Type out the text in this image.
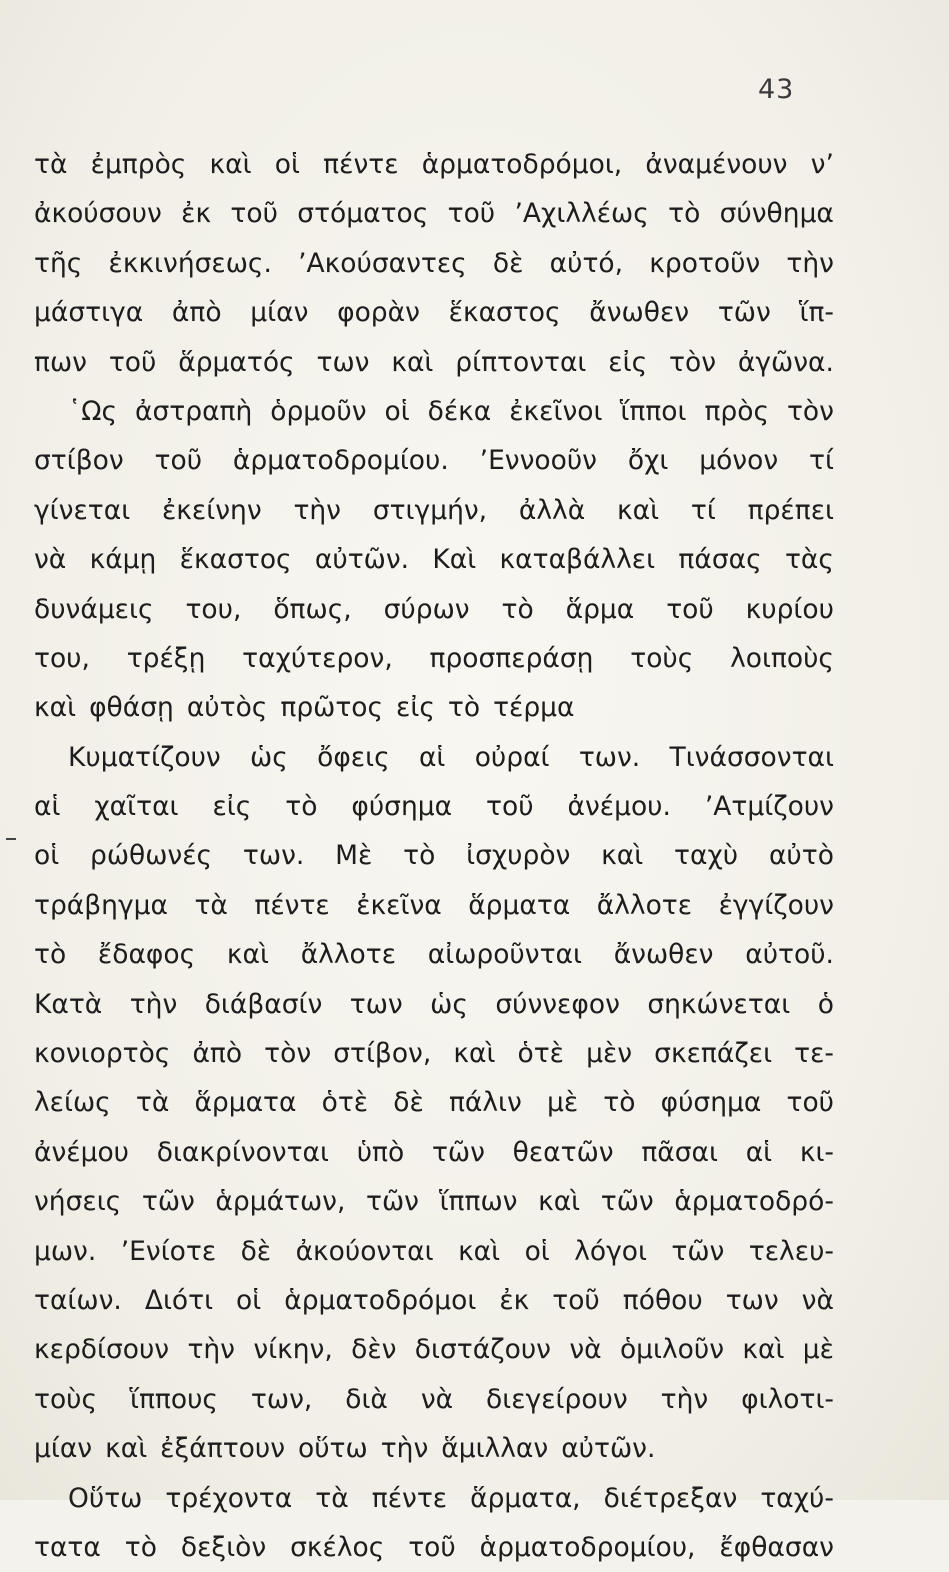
43
τὰ ἐμπρὸς καὶ οἱ πέντε ἁρματοδρόμοι, ἀναμένουν ν’
ἀκούσουν ἐκ τοῦ στόματος τοῦ ’Αχιλλέως τὸ σύνθημα
τῆς ἐκκινήσεως. ’Ακούσαντες δὲ αὐτό, κροτοῦν τὴν
μάστιγα ἀπὸ μίαν φορὰν ἕκαστος ἄνωθεν τῶν ἵπ-
πων τοῦ ἅρματός των καὶ ρίπτονται εἰς τὸν ἀγῶνα.
῾Ως ἀστραπὴ ὁρμοῦν οἱ δέκα ἐκεῖνοι ἵπποι πρὸς τὸν
στίβον τοῦ ἁρματοδρομίου. ’Εννοοῦν ὄχι μόνον τί
γίνεται ἐκείνην τὴν στιγμήν, ἀλλὰ καὶ τί πρέπει
νὰ κάμῃ ἕκαστος αὐτῶν. Καὶ καταβάλλει πάσας τὰς
δυνάμεις του, ὅπως, σύρων τὸ ἅρμα τοῦ κυρίου
του, τρέξῃ ταχύτερον, προσπεράσῃ τοὺς λοιποὺς
καὶ φθάσῃ αὐτὸς πρῶτος εἰς τὸ τέρμα
Κυματίζουν ὡς ὄφεις αἱ οὐραί των. Τινάσσονται
αἱ χαῖται εἰς τὸ φύσημα τοῦ ἀνέμου. ’Ατμίζουν
οἱ ρώθωνές των. Μὲ τὸ ἰσχυρὸν καὶ ταχὺ αὐτὸ
τράβηγμα τὰ πέντε ἐκεῖνα ἅρματα ἄλλοτε ἐγγίζουν
τὸ ἔδαφος καὶ ἄλλοτε αἰωροῦνται ἄνωθεν αὐτοῦ.
Κατὰ τὴν διάβασίν των ὡς σύννεφον σηκώνεται ὁ
κονιορτὸς ἀπὸ τὸν στίβον, καὶ ὁτὲ μὲν σκεπάζει τε-
λείως τὰ ἅρματα ὁτὲ δὲ πάλιν μὲ τὸ φύσημα τοῦ
ἀνέμου διακρίνονται ὑπὸ τῶν θεατῶν πᾶσαι αἱ κι-
νήσεις τῶν ἁρμάτων, τῶν ἵππων καὶ τῶν ἁρματοδρό-
μων. ’Ενίοτε δὲ ἀκούονται καὶ οἱ λόγοι τῶν τελευ-
ταίων. Διότι οἱ ἁρματοδρόμοι ἐκ τοῦ πόθου των νὰ
κερδίσουν τὴν νίκην, δὲν διστάζουν νὰ ὁμιλοῦν καὶ μὲ
τοὺς ἵππους των, διὰ νὰ διεγείρουν τὴν φιλοτι-
μίαν καὶ ἐξάπτουν οὕτω τὴν ἅμιλλαν αὐτῶν.
Οὕτω τρέχοντα τὰ πέντε ἅρματα, διέτρεξαν ταχύ-
τατα τὸ δεξιὸν σκέλος τοῦ ἁρματοδρομίου, ἔφθασαν
